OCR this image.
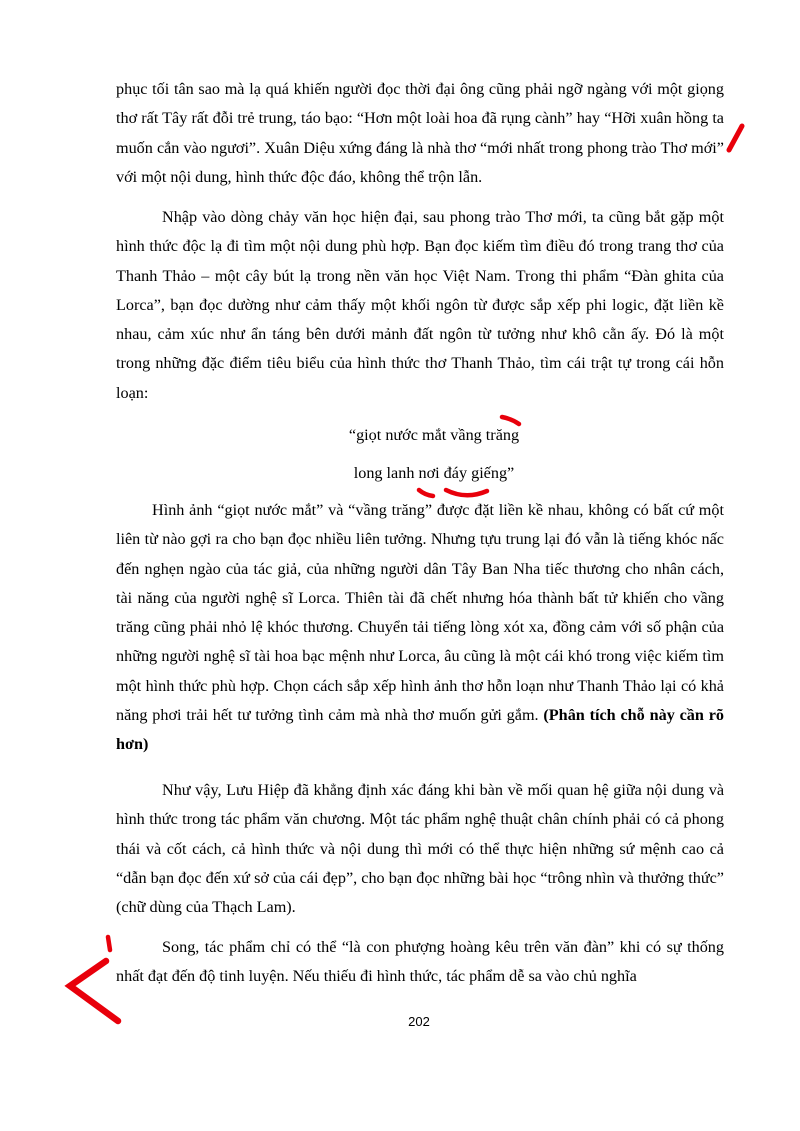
phục tối tân sao mà lạ quá khiến người đọc thời đại ông cũng phải ngỡ ngàng với một giọng thơ rất Tây rất đỗi trẻ trung, táo bạo: “Hơn một loài hoa đã rụng cành” hay “Hỡi xuân hồng ta muốn cắn vào ngươi”. Xuân Diệu xứng đáng là nhà thơ “mới nhất trong phong trào Thơ mới” với một nội dung, hình thức độc đáo, không thể trộn lẫn.

Nhập vào dòng chảy văn học hiện đại, sau phong trào Thơ mới, ta cũng bắt gặp một hình thức độc lạ đi tìm một nội dung phù hợp. Bạn đọc kiếm tìm điều đó trong trang thơ của Thanh Thảo – một cây bút lạ trong nền văn học Việt Nam. Trong thi phẩm “Đàn ghita của Lorca”, bạn đọc dường như cảm thấy một khối ngôn từ được sắp xếp phi logic, đặt liền kề nhau, cảm xúc như ẩn táng bên dưới mảnh đất ngôn từ tưởng như khô cằn ấy. Đó là một trong những đặc điểm tiêu biểu của hình thức thơ Thanh Thảo, tìm cái trật tự trong cái hỗn loạn:

“giọt nước mắt vầng trăng

long lanh nơi đáy giếng”

Hình ảnh “giọt nước mắt” và “vầng trăng” được đặt liền kề nhau, không có bất cứ một liên từ nào gợi ra cho bạn đọc nhiều liên tưởng. Nhưng tựu trung lại đó vẫn là tiếng khóc nấc đến nghẹn ngào của tác giả, của những người dân Tây Ban Nha tiếc thương cho nhân cách, tài năng của người nghệ sĩ Lorca. Thiên tài đã chết nhưng hóa thành bất tử khiến cho vầng trăng cũng phải nhỏ lệ khóc thương. Chuyển tải tiếng lòng xót xa, đồng cảm với số phận của những người nghệ sĩ tài hoa bạc mệnh như Lorca, âu cũng là một cái khó trong việc kiếm tìm một hình thức phù hợp. Chọn cách sắp xếp hình ảnh thơ hỗn loạn như Thanh Thảo lại có khả năng phơi trải hết tư tưởng tình cảm mà nhà thơ muốn gửi gắm. (Phân tích chỗ này cần rõ hơn)

Như vậy, Lưu Hiệp đã khẳng định xác đáng khi bàn về mối quan hệ giữa nội dung và hình thức trong tác phẩm văn chương. Một tác phẩm nghệ thuật chân chính phải có cả phong thái và cốt cách, cả hình thức và nội dung thì mới có thể thực hiện những sứ mệnh cao cả “dẫn bạn đọc đến xứ sở của cái đẹp”, cho bạn đọc những bài học “trông nhìn và thưởng thức” (chữ dùng của Thạch Lam).

Song, tác phẩm chỉ có thể “là con phượng hoàng kêu trên văn đàn” khi có sự thống nhất đạt đến độ tinh luyện. Nếu thiếu đi hình thức, tác phẩm dễ sa vào chủ nghĩa

202
